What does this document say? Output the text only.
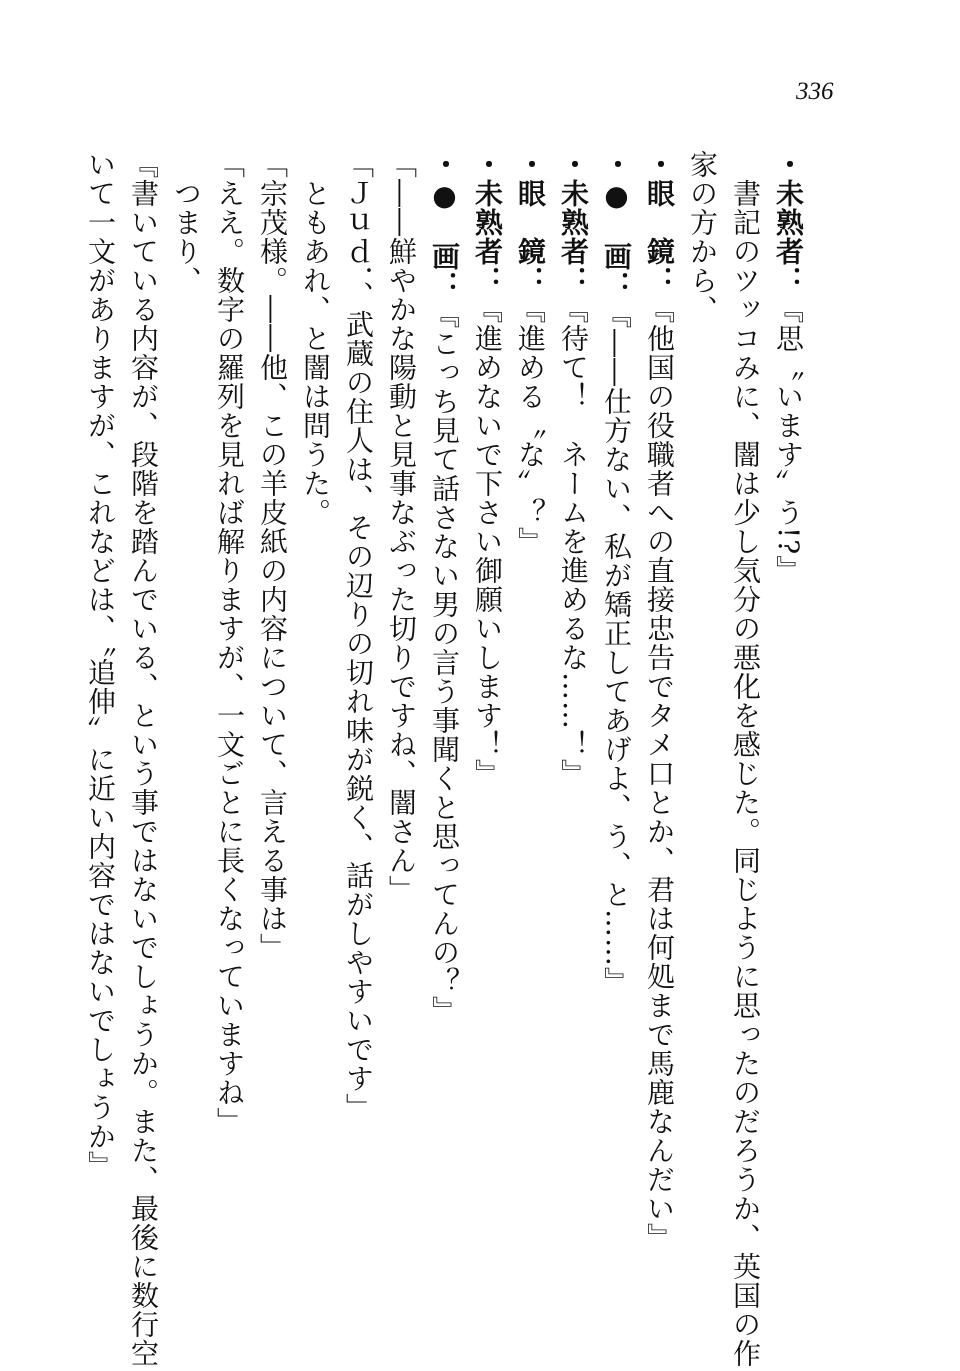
336
・未熟者：『思〝います〟う!?』
　書記のツッコみに、闇は少し気分の悪化を感じた。同じように思ったのだろうか、英国の作
家の方から、
・眼　鏡：『他国の役職者への直接忠告でタメ口とか、君は何処まで馬鹿なんだい』
・●　画：『――仕方ない、私が矯正してあげよ、う、と……』
・未熟者：『待て！　ネームを進めるな……！』
・眼　鏡：『進める〝な〟？』
・未熟者：『進めないで下さい御願いします！』
・●　画：『こっち見て話さない男の言う事聞くと思ってんの？』
「――鮮やかな陽動と見事なぶった切りですね、闇さん」
「Ｊｕｄ．、武蔵の住人は、その辺りの切れ味が鋭く、話がしやすいです」
　ともあれ、と闇は問うた。
「宗茂様。――他、この羊皮紙の内容について、言える事は」
「ええ。数字の羅列を見れば解りますが、一文ごとに長くなっていますね」
　つまり、
『書いている内容が、段階を踏んでいる、という事ではないでしょうか。また、最後に数行空
いて一文がありますが、これなどは、〝追伸〟に近い内容ではないでしょうか』
